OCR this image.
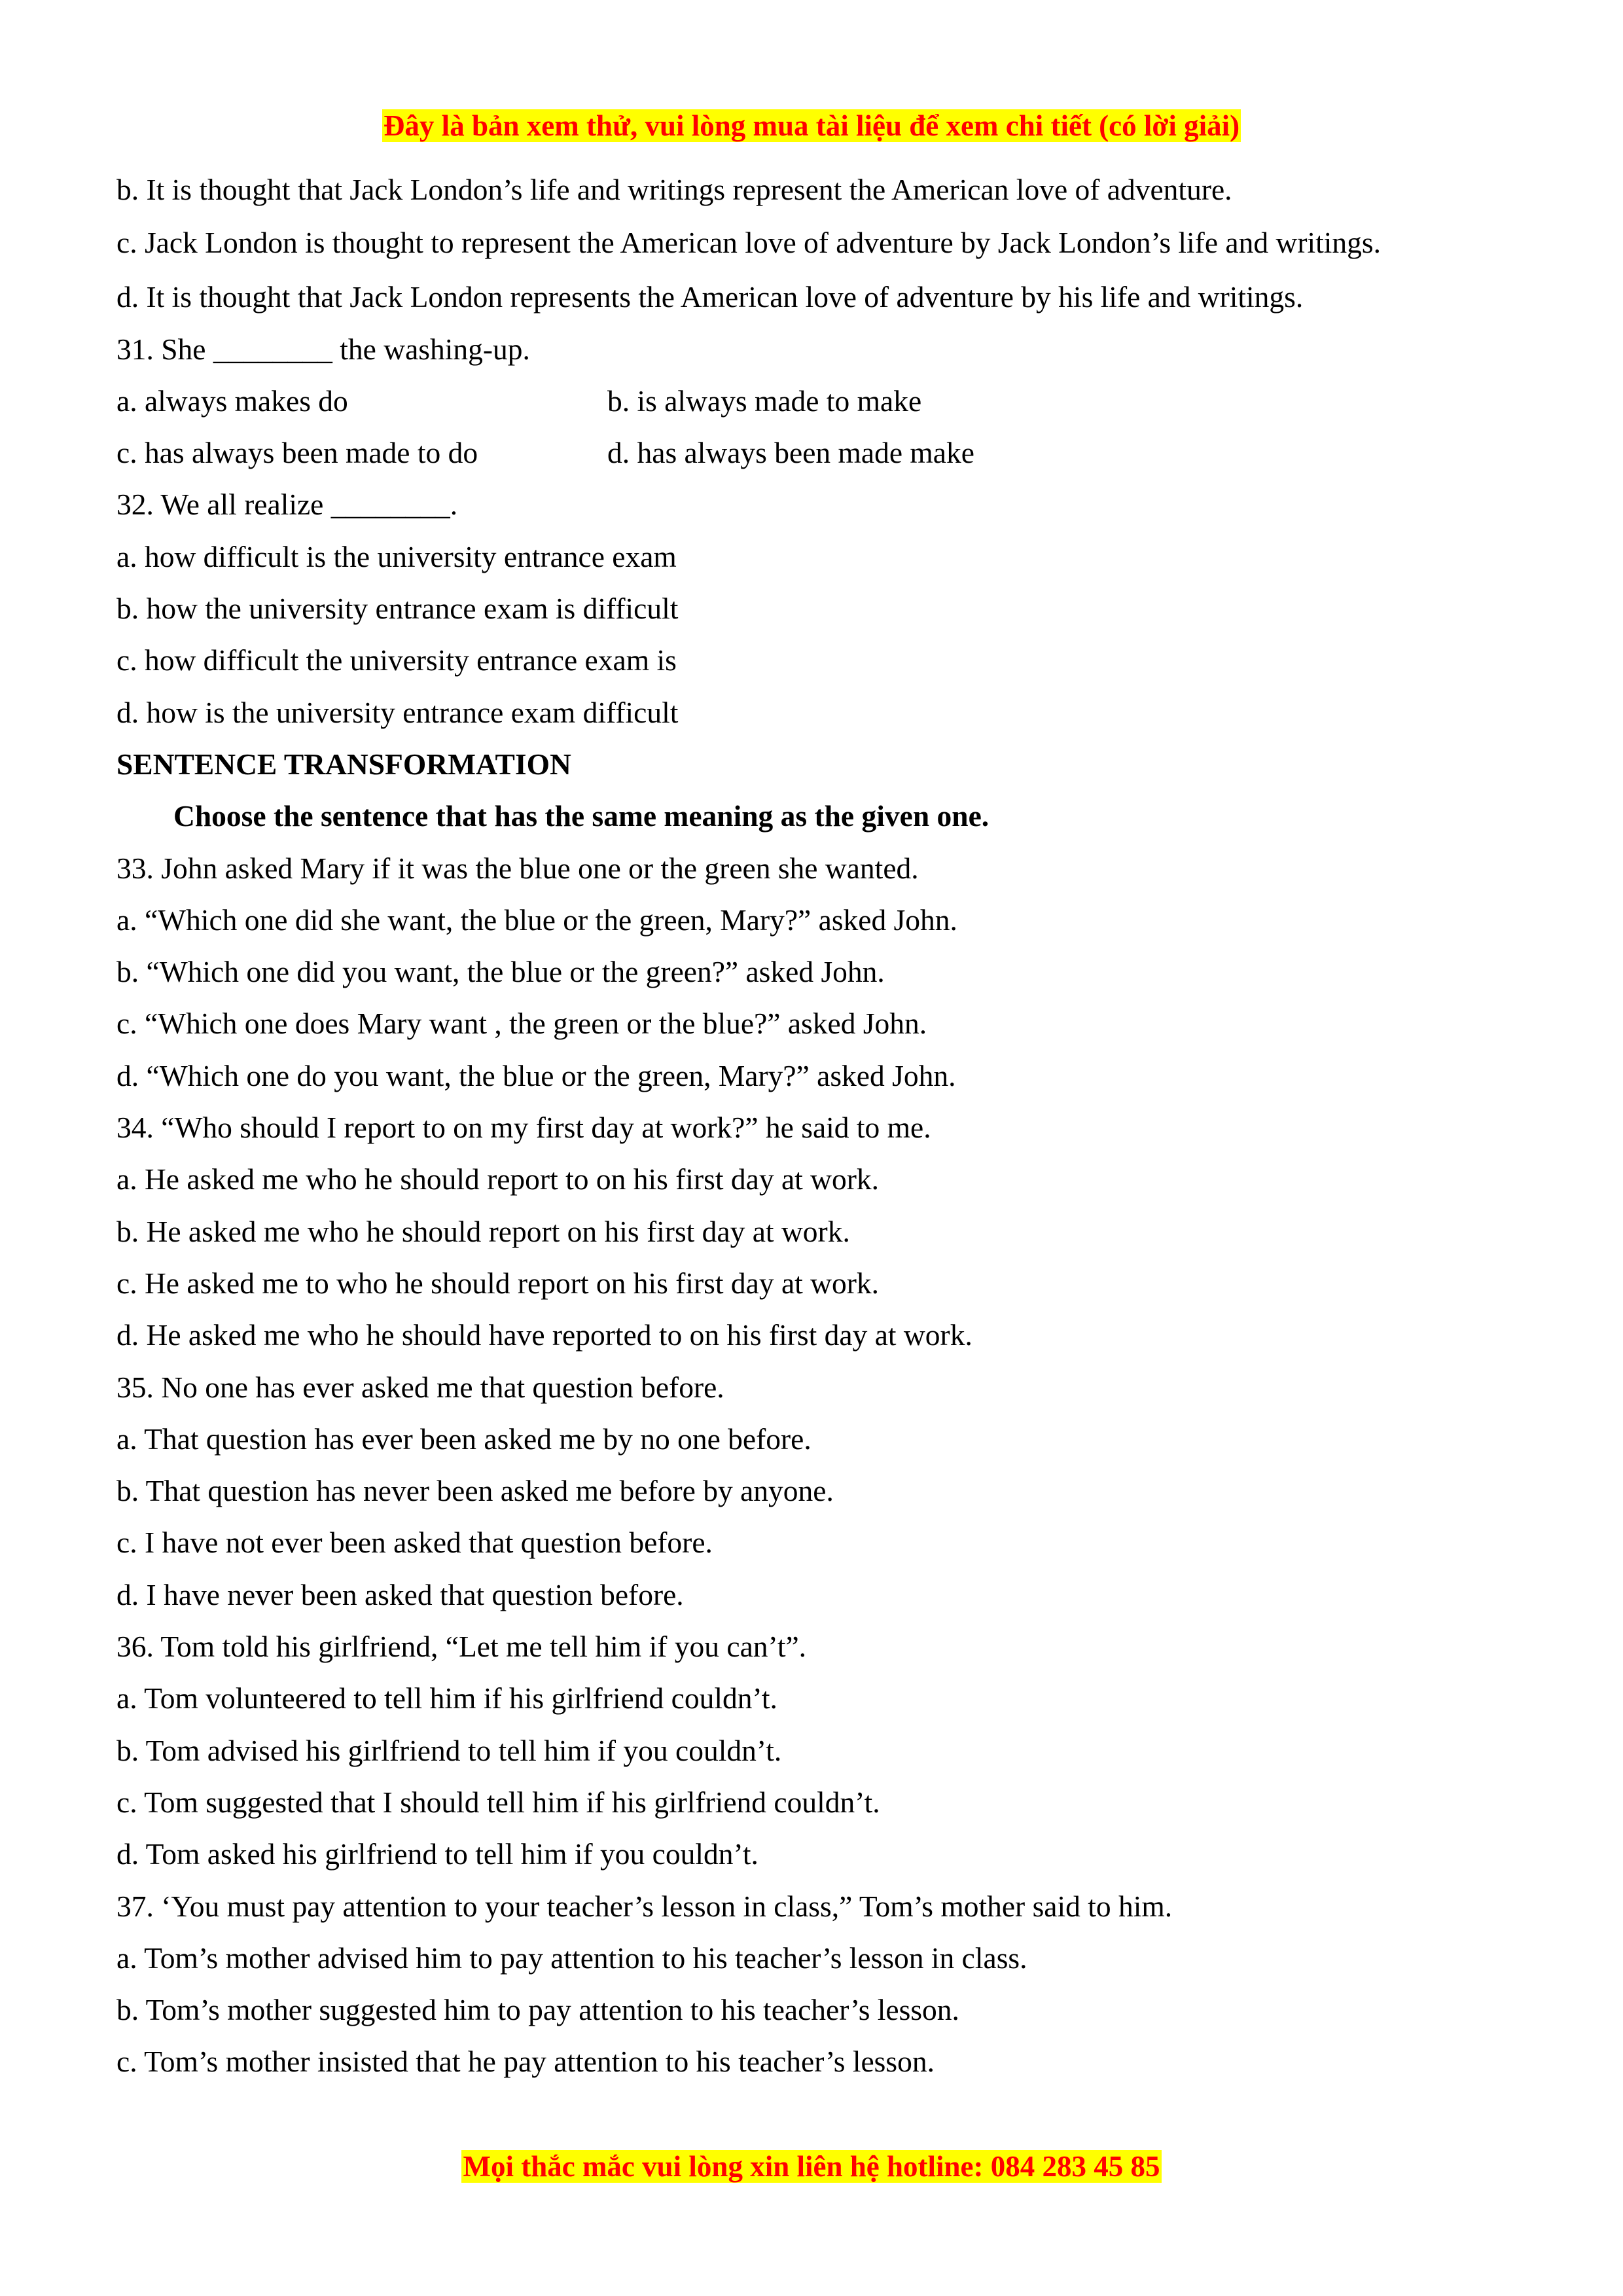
Đây là bản xem thử, vui lòng mua tài liệu để xem chi tiết (có lời giải)
b. It is thought that Jack London’s life and writings represent the American love of adventure.
c. Jack London is thought to represent the American love of adventure by Jack London’s life and writings.
d. It is thought that Jack London represents the American love of adventure by his life and writings.
31. She ________ the washing-up.
a. always makes do	b. is always made to make
c. has always been made to do	d. has always been made make
32. We all realize ________.
a. how difficult is the university entrance exam
b. how the university entrance exam is difficult
c. how difficult the university entrance exam is
d. how is the university entrance exam difficult
SENTENCE TRANSFORMATION
Choose the sentence that has the same meaning as the given one.
33. John asked Mary if it was the blue one or the green she wanted.
a. “Which one did she want, the blue or the green, Mary?” asked John.
b. “Which one did you want, the blue or the green?” asked John.
c. “Which one does Mary want , the green or the blue?” asked John.
d. “Which one do you want, the blue or the green, Mary?” asked John.
34. “Who should I report to on my first day at work?” he said to me.
a. He asked me who he should report to on his first day at work.
b. He asked me who he should report on his first day at work.
c. He asked me to who he should report on his first day at work.
d. He asked me who he should have reported to on his first day at work.
35. No one has ever asked me that question before.
a. That question has ever been asked me by no one before.
b. That question has never been asked me before by anyone.
c. I have not ever been asked that question before.
d. I have never been asked that question before.
36. Tom told his girlfriend, “Let me tell him if you can’t”.
a. Tom volunteered to tell him if his girlfriend couldn’t.
b. Tom advised his girlfriend to tell him if you couldn’t.
c. Tom suggested that I should tell him if his girlfriend couldn’t.
d. Tom asked his girlfriend to tell him if you couldn’t.
37. ‘You must pay attention to your teacher’s lesson in class,” Tom’s mother said to him.
a. Tom’s mother advised him to pay attention to his teacher’s lesson in class.
b. Tom’s mother suggested him to pay attention to his teacher’s lesson.
c. Tom’s mother insisted that he pay attention to his teacher’s lesson.
Mọi thắc mắc vui lòng xin liên hệ hotline: 084 283 45 85
